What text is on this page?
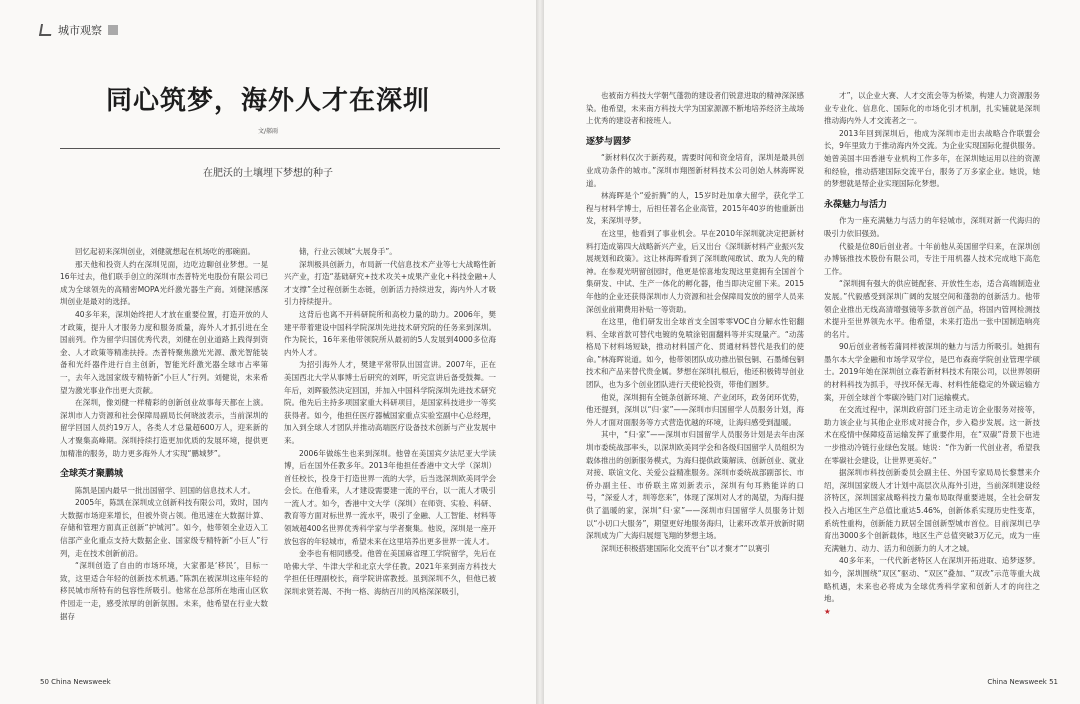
城市观察
同心筑梦，海外人才在深圳
文/郝雨
在肥沃的土壤埋下梦想的种子

回忆起初来深圳创业，刘健就想起在机场吃的那碗面。

那天他和投资人约在深圳见面，边吃边聊创业梦想。一晃16年过去，他们联手创立的深圳市杰普特光电股份有限公司已成为全球领先的高精密MOPA光纤激光器生产商。刘健深感深圳创业是最对的选择。

40多年来，深圳始终把人才放在重要位置，打造开放的人才政策，提升人才服务力度和服务质量，海外人才抓引进在全国前列。作为留学归国优秀代表，刘健在创业道路上践得到资金、人才政策等精准扶持。杰普特聚焦激光光源、激光智能装备和光纤器件进行自主创新，智能光纤激光器全球市占率第一，去年入选国家级专精特新“小巨人”行列。刘健说，未来希望为激光事业作出更大贡献。

在深圳，像刘健一样精彩的创新创业故事每天都在上演。深圳市人力资源和社会保障局副局长何晓波表示，当前深圳的留学回国人员约19万人，各类人才总量超600万人，迎来新的人才聚集高峰期。深圳持续打造更加优质的发展环境，提供更加精准的服务，助力更多海外人才实现“鹏城梦”。

全球英才聚鹏城

陈凯是国内最早一批出国留学、回国的信息技术人才。

2005年，陈凯在深圳成立创新科技有限公司，致时，国内大数据市场迎来增长，但被外资占领。他迅速在大数据计算、存储和管理方面真正创新“护城河”。如今，他带领全业迈入工信部产业化重点支持大数据企业、国家级专精特新“小巨人”行列，走在技术创新前沿。

“深圳创造了自由的市场环境，大家都是‘移民’，目标一致，这里适合年轻的创新技术机遇。”陈凯在被深圳这座年轻的移民城市所特有的包容性所吸引。他常在总部所在地南山区软件园走一走，感受浓厚的创新氛围。未来，他希望在行业大数据存

储，行业云领域“大展身手”。

深圳极具创新力，布局新一代信息技术产业等七大战略性新兴产业，打造“基础研究+技术攻关+成果产业化+科技金融+人才支撑”全过程创新生态链，创新活力持续迸发，海内外人才吸引力持续提升。

这背后也离不开科研院所和高校力量的助力。2006年，樊建平带着建设中国科学院深圳先进技术研究院的任务来到深圳。作为院长，16年来他带领院所从最初的5人发展到4000多位海内外人才。

为招引海外人才，樊建平常带队出国宣讲。2007年，正在美国西北大学从事博士后研究的刘晖，听完宣讲后备受鼓舞。一年后，刘晖毅然决定回国，并加入中国科学院深圳先进技术研究院。他先后主持多项国家重大科研项目，是国家科技进步一等奖获得者。如今，他担任医疗器械国家重点实验室副中心总经理，加入到全球人才团队并推动高端医疗设备技术创新与产业发展中来。

2006年做练生也来到深圳。他曾在美国宾夕法尼亚大学读博，后在国外任教多年。2013年他担任香港中文大学（深圳）首任校长，投身于打造世界一流的大学，后当选深圳欧美同学会会长。在他看来，人才建设需要建一流的平台，以一流人才吸引一流人才。如今，香港中文大学（深圳）在师资、实验、科研、教育等方面对标世界一流水平，吸引了金融、人工智能、材料等领域超400名世界优秀科学家与学者聚集。他说，深圳是一座开放包容的年轻城市，希望未来在这里培养出更多世界一流人才。

金李也有相同感受。他曾在美国麻省理工学院留学，先后在哈佛大学、牛津大学和北京大学任教。2021年来到南方科技大学担任任理副校长，商学院讲席教授。虽到深圳不久，但他已被深圳求贤若渴、不拘一格、海纳百川的风格深深吸引，

50 China Newsweek

也被南方科技大学朝气蓬勃的建设者们锐意进取的精神深深感染。他希望，未来南方科技大学为国家源源不断地培养经济主战场上优秀的建设者和接班人。

逐梦与圆梦

“新材料仅次于新药观，需要时间和资金培育，深圳是最具创业成功条件的城市。”深圳市翔图新材料技术公司创始人林海晖说道。

林海晖是个“爱折腾”的人，15岁时赴加拿大留学，获化学工程与材料学博士，后担任著名企业高管，2015年40岁的他重新出发，来深圳寻梦。

在这里，他看到了事业机会。早在2010年深圳就决定把新材料打造成第四大战略新兴产业，后又出台《深圳新材料产业振兴发展规划和政策》。这让林海晖看到了深圳敢闯敢试、敢为人先的精神。在参观光明留创园时，他更是惊喜地发现这里竟拥有全国首个集研发、中试、生产一体化的孵化器，他当即决定留下来。2015年他的企业还获得深圳市人力资源和社会保障局发放的留学人员来深创业前期费用补贴一等资助。

在这里，他们研发出全球首支全国零零VOC自分解水性铝翻料、全球首款可替代电镀的免喷涂铝面翻料等并实现量产。“动荡格局下材料场短缺，推动材料国产化、贯通材料替代是我们的使命。”林海晖说道。如今，他带领团队成功推出银包铜、石墨烯包铜技术和产品来替代贵金属。梦想在深圳扎根后，他还积极铸导创业团队，也为多个创业团队进行天使轮投资，带他们圆梦。

他说，深圳拥有全链条创新环境、产业闭环，政务闭环优势，他还提到，深圳以“归·家”——深圳市归国留学人员服务计划，海外人才面对面服务等方式营造优越的环境，让海归感受到温暖。

其中，“归·家”——深圳市归国留学人员服务计划是去年由深圳市委统战部率头，以深圳欧美同学会和各级归国留学人员组织为载体推出的创新服务模式，为海归提供政策解读、创新创业、就业对接、联谊文化、关爱公益精准服务。深圳市委统战部副部长、市侨办副主任、市侨联主席刘新表示，深圳有句耳熟能详的口号，“深爱人才，圳等您来”，体现了深圳对人才的渴望，为海归提供了温暖的家，深圳“归·家”——深圳市归国留学人员服务计划以“小切口大服务”，期望更好地服务海归，让素环改革开放新时期深圳成为广大海归展翅飞翔的梦想主场。

深圳还积极搭建国际化交流平台“以才聚才”“以赛引

才”，以企业大赛、人才交流会等为桥梁，构建人力资源服务业专业化、信息化、国际化的市场化引才机制，扎实铺就是深圳推动海内外人才交流者之一。

2013年回到深圳后，他成为深圳市走出去战略合作联盟会长，9年里致力于推动海内外交流。为企业实现国际化提供服务。她曾美国丰田香港专业机构工作多年，在深圳她运用以往的资源和经验，推动搭建国际交流平台，服务了万多家企业。她说，她的梦想就是帮企业实现国际化梦想。

永葆魅力与活力

作为一座充满魅力与活力的年轻城市，深圳对新一代海归的吸引力依旧强劲。

代毅是位80后创业者。十年前他从美国留学归来，在深圳创办博铄推技术股份有限公司，专注于用机器人技术完成地下高危工作。

“深圳拥有强大的供应链配套、开放性生态，适合高端制造业发展。”代毅感受到深圳广阔的发展空间和蓬勃的创新活力。他带领企业推出无线高清增强镜等多款首创产品，将国内管网检测技术提升至世界领先水平。他希望，未来打造出一张中国制造响亮的名片。

90后创业者杨若蒲同样被深圳的魅力与活力所吸引。她拥有墨尔本大学金融和市场学双学位，是巴布森商学院创业管理学硕士。2019年她在深圳创立森若新材料技术有限公司，以世界领研的材料科技为抓手，寻找环保无毒、材料性能稳定的外碳运输方案，开创全球首个零碳冷链门对门运输模式。

在交流过程中，深圳政府部门还主动走访企业服务对接等，助力该企业与其他企业形成对接合作，步入稳步发展。这一新技术在疫情中保障疫苗运输发挥了重要作用，在“双碳”背景下也进一步推动冷链行业绿色发展。她说：“作为新一代创业者，希望我在零碳社会建设，让世界更美好。”

据深圳市科技创新委员会副主任、外国专家局局长黎慧来介绍，深圳国家级人才计划中高层次从海外引进，当前深圳建设经济特区，深圳国家战略科技力量布局取得重要进展，全社会研发投入占地区生产总值比重达5.46%，创新体系实现历史性变革，系统性重构，创新能力跃居全国创新型城市首位。目前深圳已孕育出3000多个创新载体，地区生产总值突破3万亿元，成为一座充满魅力、动力、活力和创新力的人才之城。

40多年来，一代代新老特区人在深圳开拓进取、追梦逐梦。如今，深圳围绕“双区”驱动、“双区”叠加、“双改”示范等重大战略机遇，未来也必将成为全球优秀科学家和创新人才的向往之地。

★
China Newsweek 51
